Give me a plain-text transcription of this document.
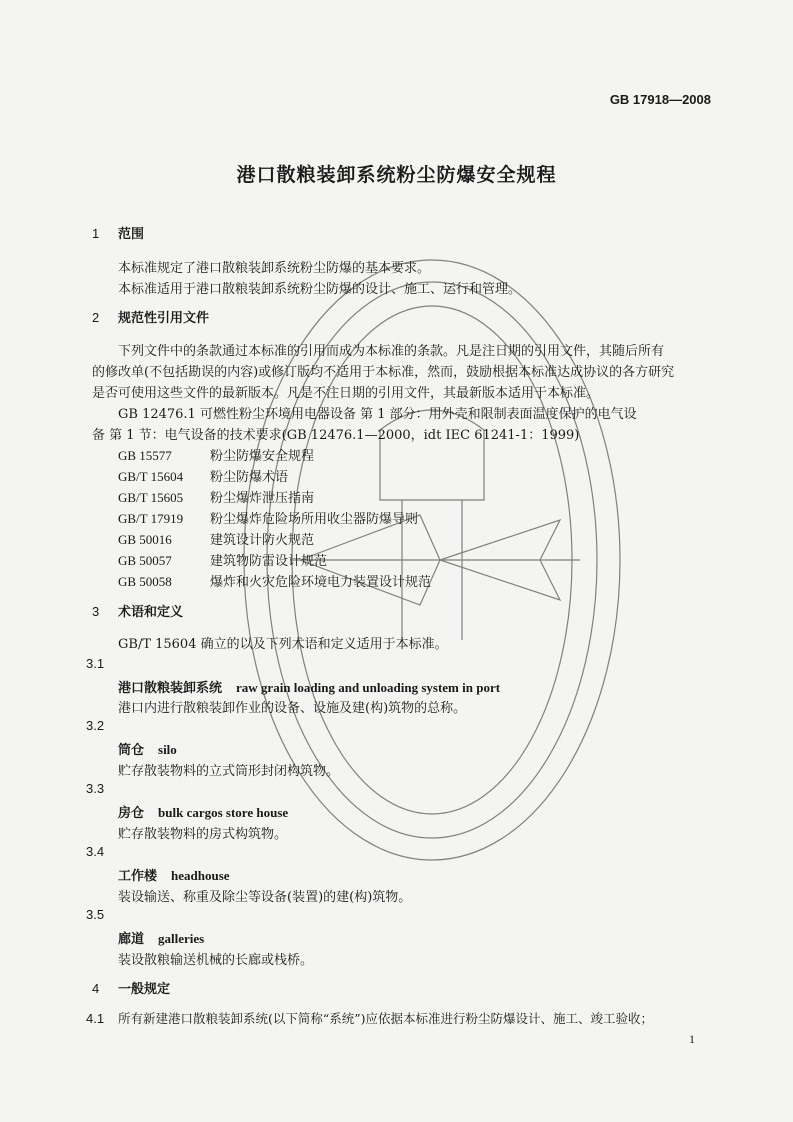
GB 17918—2008
港口散粮装卸系统粉尘防爆安全规程
1 范围
本标准规定了港口散粮装卸系统粉尘防爆的基本要求。
本标准适用于港口散粮装卸系统粉尘防爆的设计、施工、运行和管理。
2 规范性引用文件
下列文件中的条款通过本标准的引用而成为本标准的条款。凡是注日期的引用文件，其随后所有
的修改单(不包括勘误的内容)或修订版均不适用于本标准，然而，鼓励根据本标准达成协议的各方研究
是否可使用这些文件的最新版本。凡是不注日期的引用文件，其最新版本适用于本标准。
GB 12476.1 可燃性粉尘环境用电器设备 第 1 部分：用外壳和限制表面温度保护的电气设
备 第 1 节：电气设备的技术要求(GB 12476.1—2000，idt IEC 61241-1：1999)
GB 15577	粉尘防爆安全规程
GB/T 15604 粉尘防爆术语
GB/T 15605 粉尘爆炸泄压指南
GB/T 17919 粉尘爆炸危险场所用收尘器防爆导则
GB 50016	建筑设计防火规范
GB 50057	建筑物防雷设计规范
GB 50058	爆炸和火灾危险环境电力装置设计规范
3 术语和定义
GB/T 15604 确立的以及下列术语和定义适用于本标准。
3.1
港口散粮装卸系统 raw grain loading and unloading system in port
港口内进行散粮装卸作业的设备、设施及建(构)筑物的总称。
3.2
筒仓 silo
贮存散装物料的立式筒形封闭构筑物。
3.3
房仓 bulk cargos store house
贮存散装物料的房式构筑物。
3.4
工作楼 headhouse
装设输送、称重及除尘等设备(装置)的建(构)筑物。
3.5
廊道 galleries
装设散粮输送机械的长廊或栈桥。
4 一般规定
4.1 所有新建港口散粮装卸系统(以下简称“系统”)应依据本标准进行粉尘防爆设计、施工、竣工验收；
1
